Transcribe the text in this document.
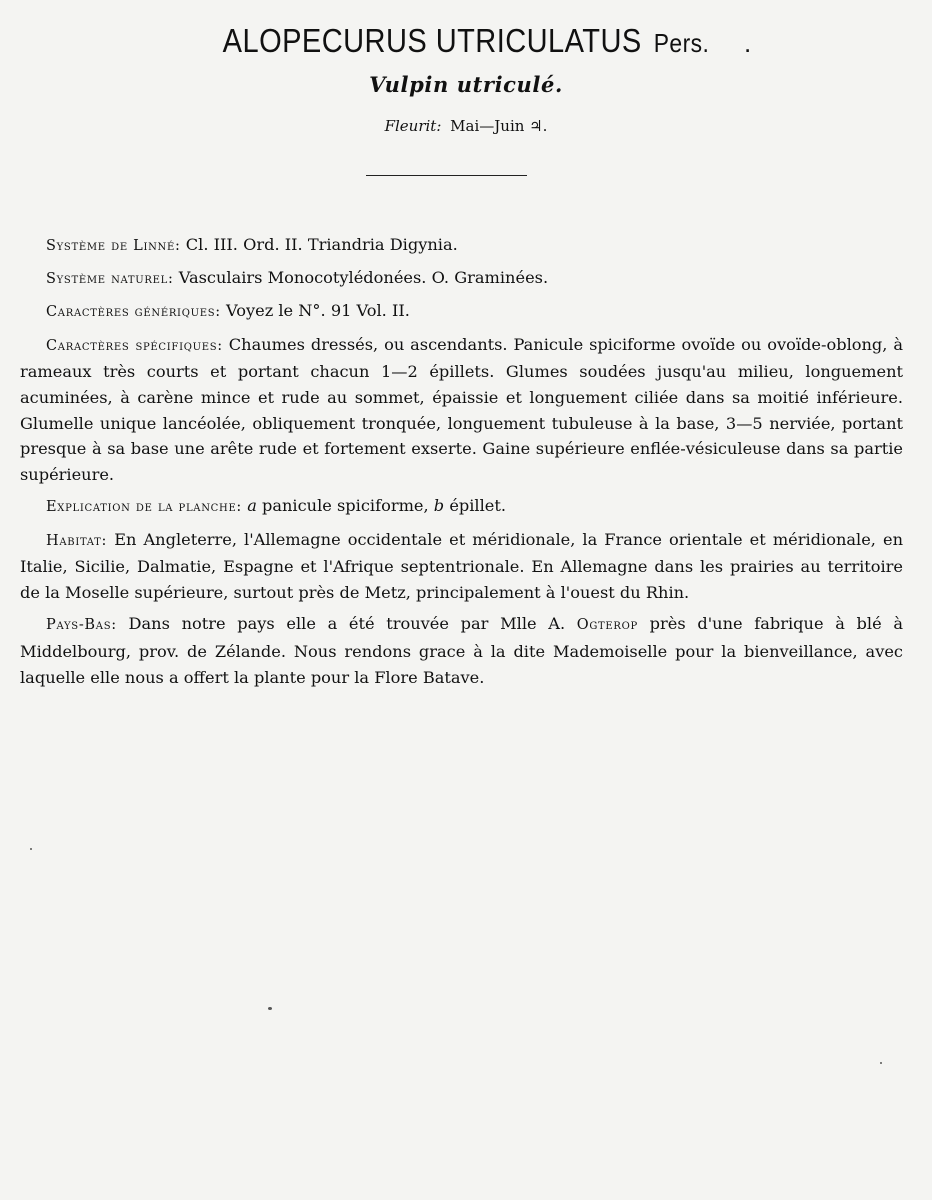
ALOPECURUS UTRICULATUS Pers.	.
Vulpin utriculé.
Fleurit: Mai—Juin ♃.

Système de Linné: Cl. III. Ord. II. Triandria Digynia.

Système naturel: Vasculairs Monocotylédonées. O. Graminées.

Caractères génériques: Voyez le N°. 91 Vol. II.

Caractères spécifiques: Chaumes dressés, ou ascendants. Panicule spiciforme ovoïde ou ovoïde-oblong, à rameaux très courts et portant chacun 1—2 épillets. Glumes soudées jusqu'au milieu, longuement acuminées, à carène mince et rude au sommet, épaissie et longuement ciliée dans sa moitié inférieure. Glumelle unique lancéolée, obliquement tronquée, longuement tubuleuse à la base, 3—5 nerviée, portant presque à sa base une arête rude et fortement exserte. Gaine supérieure enflée-vésiculeuse dans sa partie supérieure.

Explication de la planche: a panicule spiciforme, b épillet.

Habitat: En Angleterre, l'Allemagne occidentale et méridionale, la France orientale et méridionale, en Italie, Sicilie, Dalmatie, Espagne et l'Afrique septentrionale. En Allemagne dans les prairies au territoire de la Moselle supérieure, surtout près de Metz, principalement à l'ouest du Rhin.

Pays-Bas: Dans notre pays elle a été trouvée par Mlle A. Ogterop près d'une fabrique à blé à Middelbourg, prov. de Zélande. Nous rendons grace à la dite Mademoiselle pour la bienveillance, avec laquelle elle nous a offert la plante pour la Flore Batave.
